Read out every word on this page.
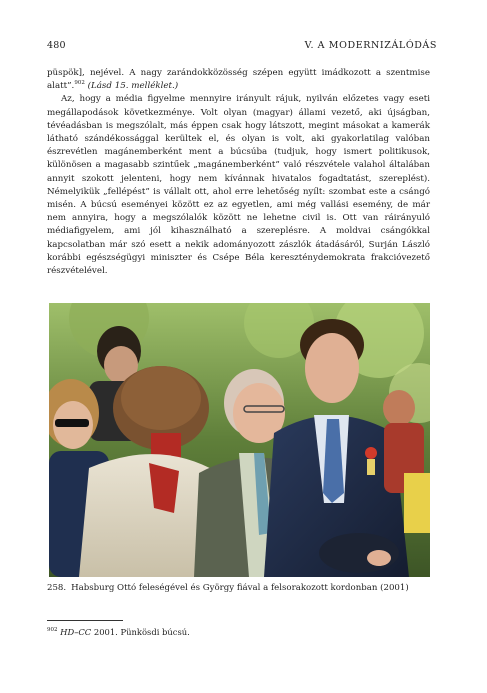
480	V. A MODERNIZÁLÓDÁS

püspök], nejével. A nagy zarándokközösség szépen együtt imádkozott a szentmise alatt”.$^{902}$ (Lásd 15. melléklet.)

Az, hogy a média figyelme mennyire irányult rájuk, nyilván előzetes vagy eseti megállapodások következménye. Volt olyan (magyar) állami vezető, aki újságban, tévéadásban is megszólalt, más éppen csak hogy látszott, megint másokat a kamerák látható szándékossággal kerültek el, és olyan is volt, aki gyakorlatilag valóban észrevétlen magánemberként ment a búcsúba (tudjuk, hogy ismert politikusok, különösen a magasabb szintűek „magánemberként” való részvétele valahol általában annyit szokott jelenteni, hogy nem kívánnak hivatalos fogadtatást, szereplést). Némelyikük „fellépést” is vállalt ott, ahol erre lehetőség nyílt: szombat este a csángó misén. A búcsú eseményei között ez az egyetlen, ami még vallási esemény, de már nem annyira, hogy a megszólalók között ne lehetne civil is. Ott van ráirányuló médiafigyelem, ami jól kihasználható a szereplésre. A moldvai csángókkal kapcsolatban már szó esett a nekik adományozott zászlók átadásáról, Surján László korábbi egészségügyi miniszter és Csépe Béla kereszténydemokrata frakcióvezető részvételével.

258. Habsburg Ottó feleségével és György fiával a felsorakozott kordonban (2001)
$^{902}$ HD–CC 2001. Pünkösdi búcsú.
